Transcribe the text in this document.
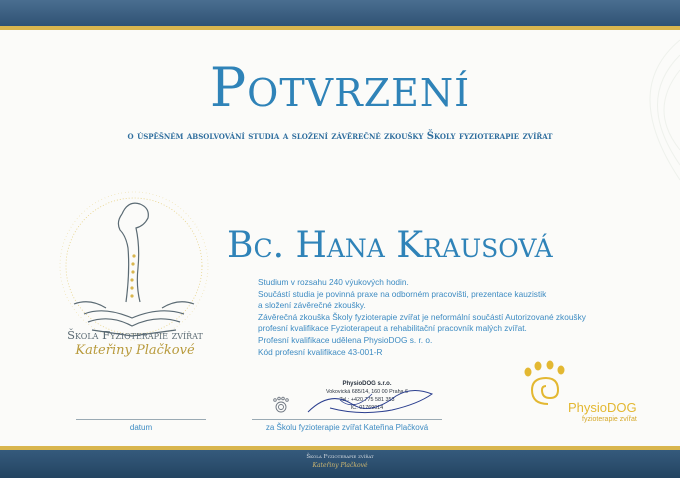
Potvrzení
o úspěšném absolvování studia a složení závěrečné zkoušky Školy fyzioterapie zvířat
Škola Fyzioterapie zvířat
Kateřiny Plačkové
Bc. Hana Krausová
Studium v rozsahu 240 výukových hodin.
Součástí studia je povinná praxe na odborném pracovišti, prezentace kauzistik
a složení závěrečné zkoušky.
Závěrečná zkouška Školy fyzioterapie zvířat je neformální součástí Autorizované zkoušky
profesní kvalifikace Fyzioterapeut a rehabilitační pracovník malých zvířat.
Profesní kvalifikace udělena PhysioDOG s. r. o.
Kód profesní kvalifikace 43-001-R
PhysioDOG s.r.o.
Vokovická 685/14, 160 00 Praha 6
Tel.: +420 775 581 353
IČ: 01769014
datum	za Školu fyzioterapie zvířat Kateřina Plačková
PhysioDOG
fyzioterapie zvířat
Škola Fyzioterapie zvířat
Kateřiny Plačkové
